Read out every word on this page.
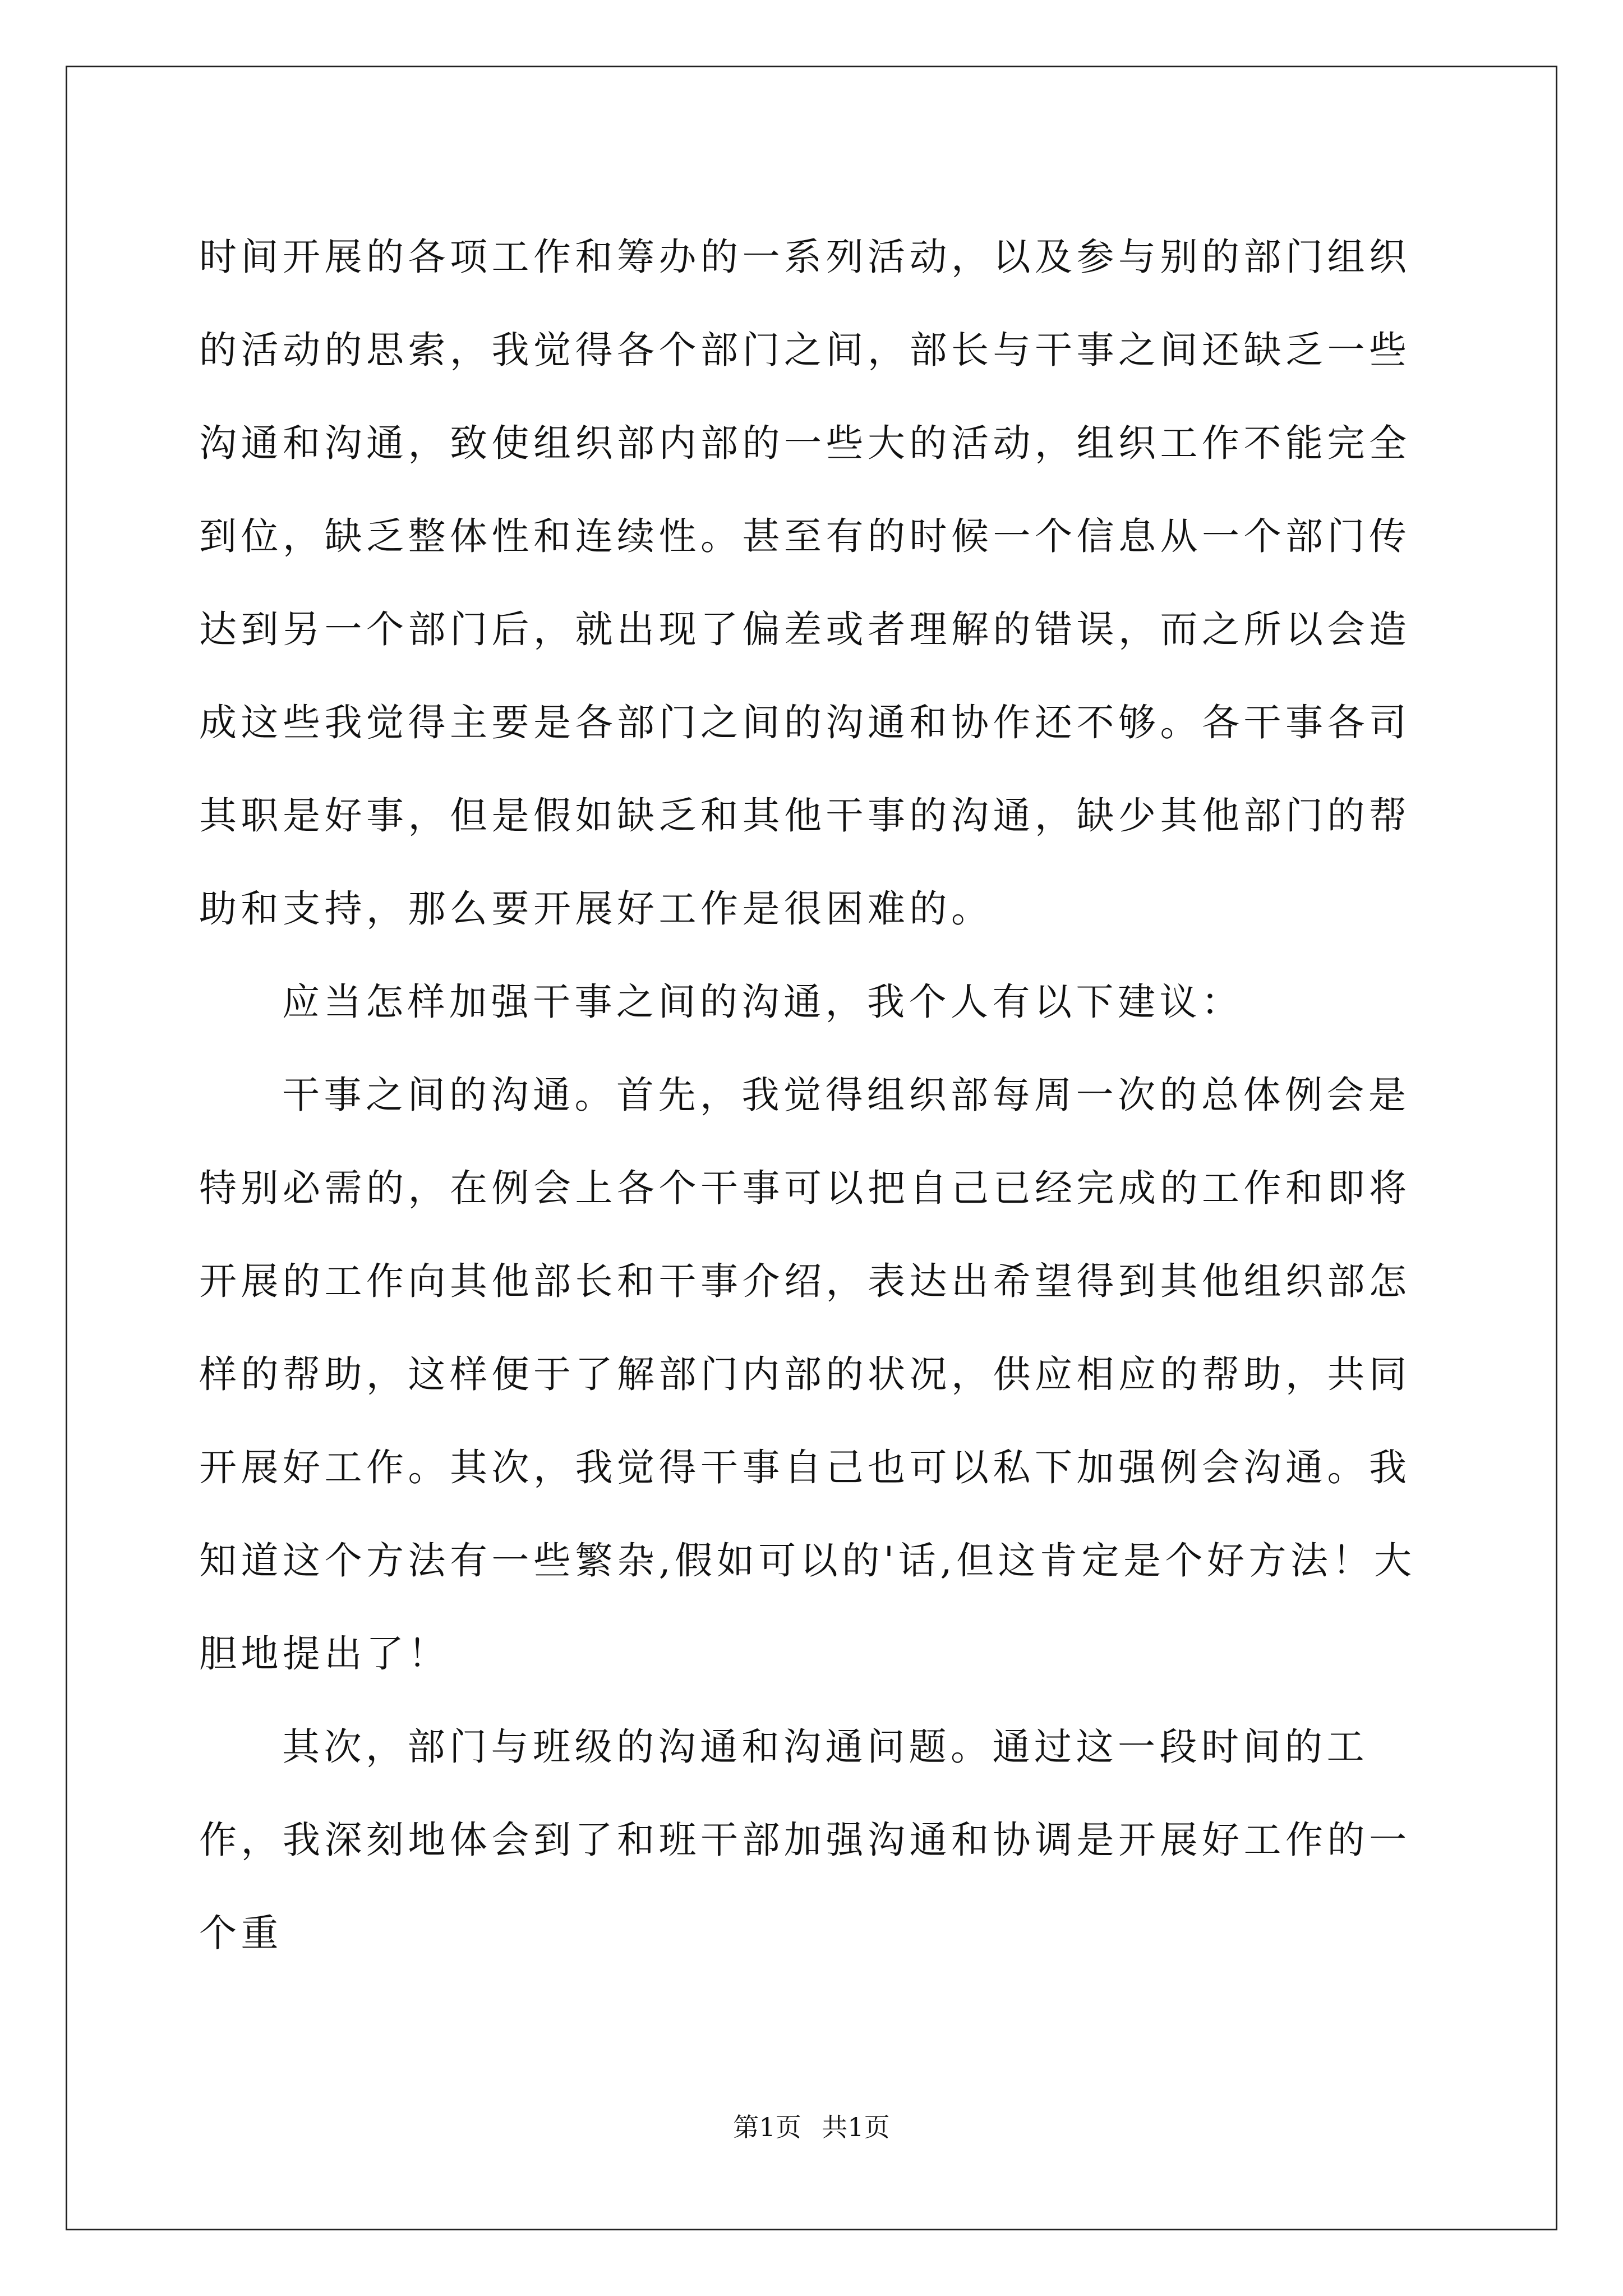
时间开展的各项工作和筹办的一系列活动，以及参与别的部门组织的活动的思索，我觉得各个部门之间，部长与干事之间还缺乏一些沟通和沟通，致使组织部内部的一些大的活动，组织工作不能完全到位，缺乏整体性和连续性。甚至有的时候一个信息从一个部门传达到另一个部门后，就出现了偏差或者理解的错误，而之所以会造成这些我觉得主要是各部门之间的沟通和协作还不够。各干事各司其职是好事，但是假如缺乏和其他干事的沟通，缺少其他部门的帮助和支持，那么要开展好工作是很困难的。

应当怎样加强干事之间的沟通，我个人有以下建议：

干事之间的沟通。首先，我觉得组织部每周一次的总体例会是特别必需的，在例会上各个干事可以把自己已经完成的工作和即将开展的工作向其他部长和干事介绍，表达出希望得到其他组织部怎样的帮助，这样便于了解部门内部的状况，供应相应的帮助，共同开展好工作。其次，我觉得干事自己也可以私下加强例会沟通。我知道这个方法有一些繁杂,假如可以的'话,但这肯定是个好方法！大胆地提出了！

其次，部门与班级的沟通和沟通问题。通过这一段时间的工作，我深刻地体会到了和班干部加强沟通和协调是开展好工作的一个重

第1页 共1页
